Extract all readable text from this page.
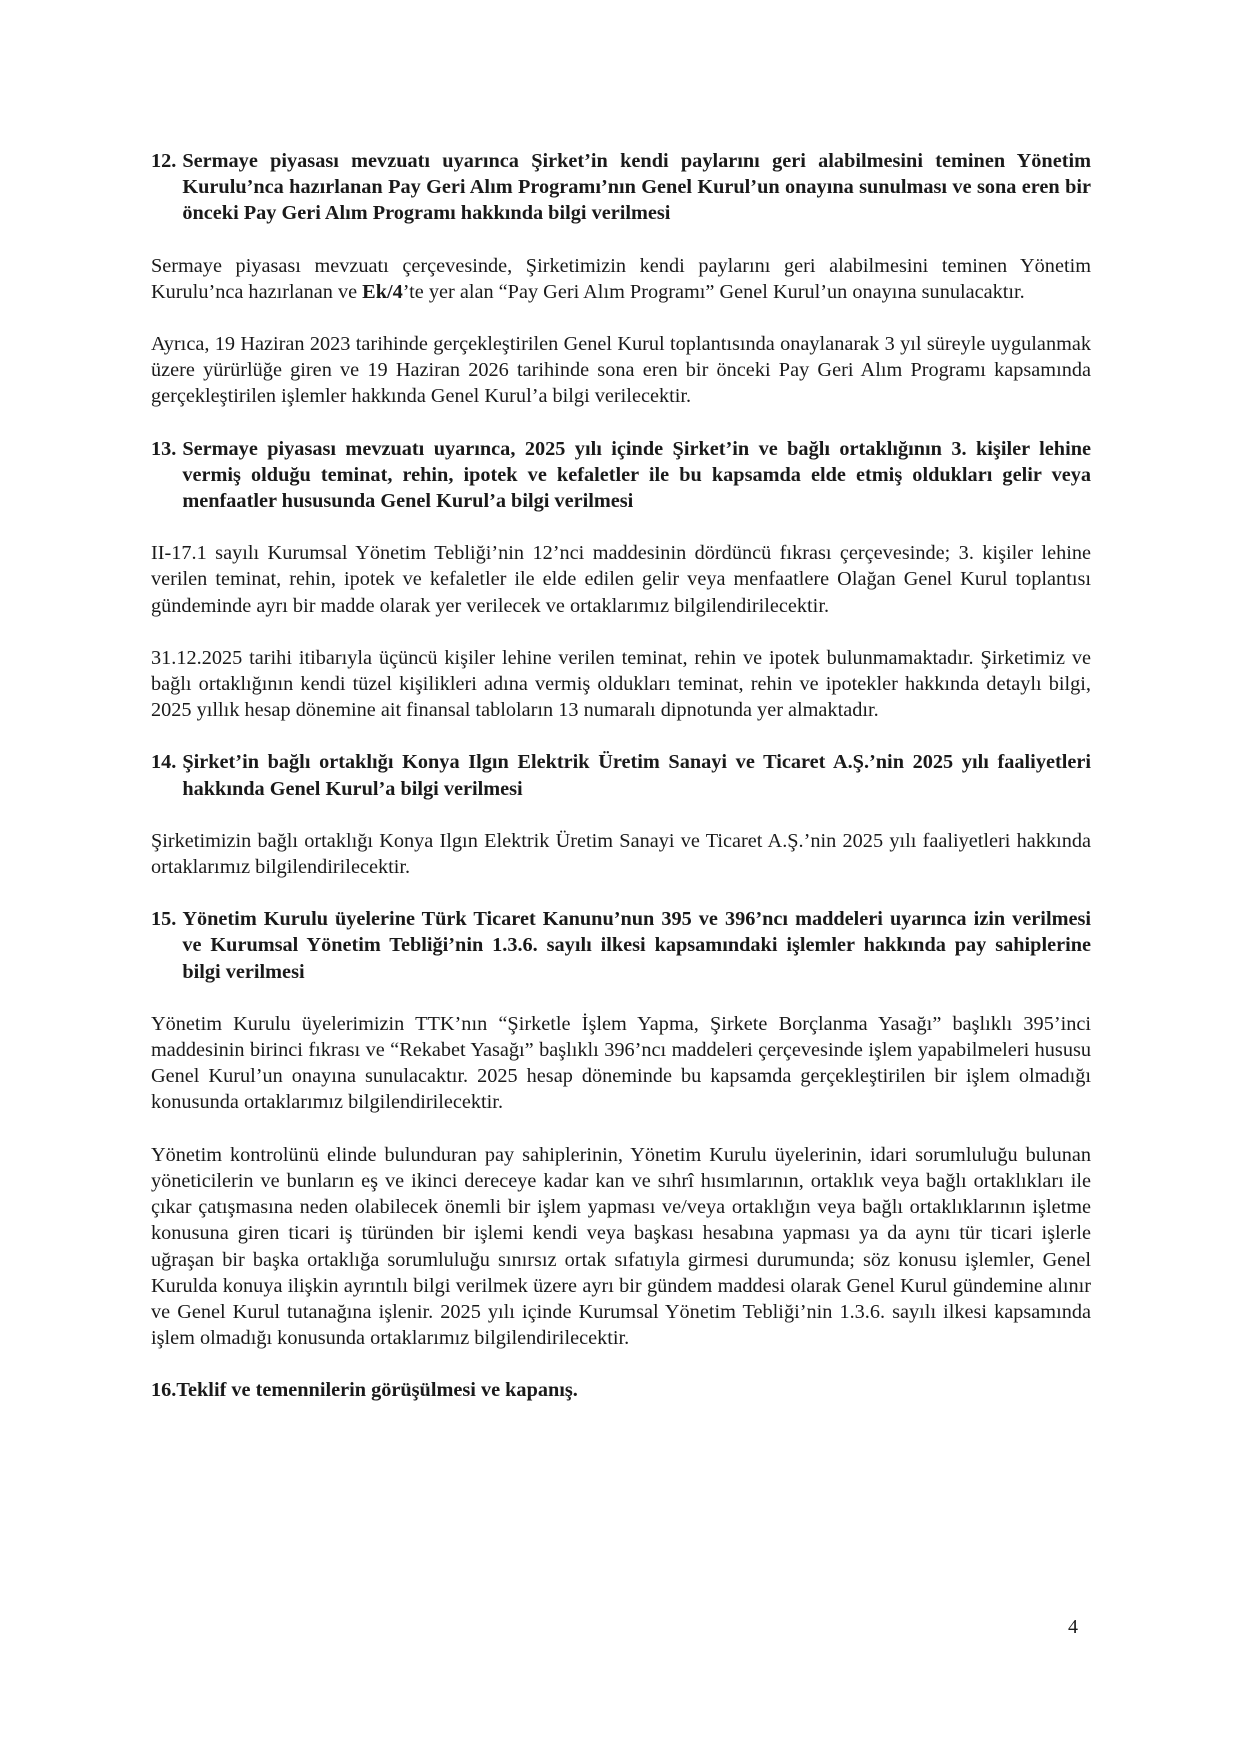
12. Sermaye piyasası mevzuatı uyarınca Şirket’in kendi paylarını geri alabilmesini teminen Yönetim Kurulu’nca hazırlanan Pay Geri Alım Programı’nın Genel Kurul’un onayına sunulması ve sona eren bir önceki Pay Geri Alım Programı hakkında bilgi verilmesi

Sermaye piyasası mevzuatı çerçevesinde, Şirketimizin kendi paylarını geri alabilmesini teminen Yönetim Kurulu’nca hazırlanan ve Ek/4’te yer alan “Pay Geri Alım Programı” Genel Kurul’un onayına sunulacaktır.

Ayrıca, 19 Haziran 2023 tarihinde gerçekleştirilen Genel Kurul toplantısında onaylanarak 3 yıl süreyle uygulanmak üzere yürürlüğe giren ve 19 Haziran 2026 tarihinde sona eren bir önceki Pay Geri Alım Programı kapsamında gerçekleştirilen işlemler hakkında Genel Kurul’a bilgi verilecektir.

13. Sermaye piyasası mevzuatı uyarınca, 2025 yılı içinde Şirket’in ve bağlı ortaklığının 3. kişiler lehine vermiş olduğu teminat, rehin, ipotek ve kefaletler ile bu kapsamda elde etmiş oldukları gelir veya menfaatler hususunda Genel Kurul’a bilgi verilmesi

II-17.1 sayılı Kurumsal Yönetim Tebliği’nin 12’nci maddesinin dördüncü fıkrası çerçevesinde; 3. kişiler lehine verilen teminat, rehin, ipotek ve kefaletler ile elde edilen gelir veya menfaatlere Olağan Genel Kurul toplantısı gündeminde ayrı bir madde olarak yer verilecek ve ortaklarımız bilgilendirilecektir.

31.12.2025 tarihi itibarıyla üçüncü kişiler lehine verilen teminat, rehin ve ipotek bulunmamaktadır. Şirketimiz ve bağlı ortaklığının kendi tüzel kişilikleri adına vermiş oldukları teminat, rehin ve ipotekler hakkında detaylı bilgi, 2025 yıllık hesap dönemine ait finansal tabloların 13 numaralı dipnotunda yer almaktadır.

14. Şirket’in bağlı ortaklığı Konya Ilgın Elektrik Üretim Sanayi ve Ticaret A.Ş.’nin 2025 yılı faaliyetleri hakkında Genel Kurul’a bilgi verilmesi

Şirketimizin bağlı ortaklığı Konya Ilgın Elektrik Üretim Sanayi ve Ticaret A.Ş.’nin 2025 yılı faaliyetleri hakkında ortaklarımız bilgilendirilecektir.

15. Yönetim Kurulu üyelerine Türk Ticaret Kanunu’nun 395 ve 396’ncı maddeleri uyarınca izin verilmesi ve Kurumsal Yönetim Tebliği’nin 1.3.6. sayılı ilkesi kapsamındaki işlemler hakkında pay sahiplerine bilgi verilmesi

Yönetim Kurulu üyelerimizin TTK’nın “Şirketle İşlem Yapma, Şirkete Borçlanma Yasağı” başlıklı 395’inci maddesinin birinci fıkrası ve “Rekabet Yasağı” başlıklı 396’ncı maddeleri çerçevesinde işlem yapabilmeleri hususu Genel Kurul’un onayına sunulacaktır. 2025 hesap döneminde bu kapsamda gerçekleştirilen bir işlem olmadığı konusunda ortaklarımız bilgilendirilecektir.

Yönetim kontrolünü elinde bulunduran pay sahiplerinin, Yönetim Kurulu üyelerinin, idari sorumluluğu bulunan yöneticilerin ve bunların eş ve ikinci dereceye kadar kan ve sıhrî hısımlarının, ortaklık veya bağlı ortaklıkları ile çıkar çatışmasına neden olabilecek önemli bir işlem yapması ve/veya ortaklığın veya bağlı ortaklıklarının işletme konusuna giren ticari iş türünden bir işlemi kendi veya başkası hesabına yapması ya da aynı tür ticari işlerle uğraşan bir başka ortaklığa sorumluluğu sınırsız ortak sıfatıyla girmesi durumunda; söz konusu işlemler, Genel Kurulda konuya ilişkin ayrıntılı bilgi verilmek üzere ayrı bir gündem maddesi olarak Genel Kurul gündemine alınır ve Genel Kurul tutanağına işlenir. 2025 yılı içinde Kurumsal Yönetim Tebliği’nin 1.3.6. sayılı ilkesi kapsamında işlem olmadığı konusunda ortaklarımız bilgilendirilecektir.

16. Teklif ve temennilerin görüşülmesi ve kapanış.
4
